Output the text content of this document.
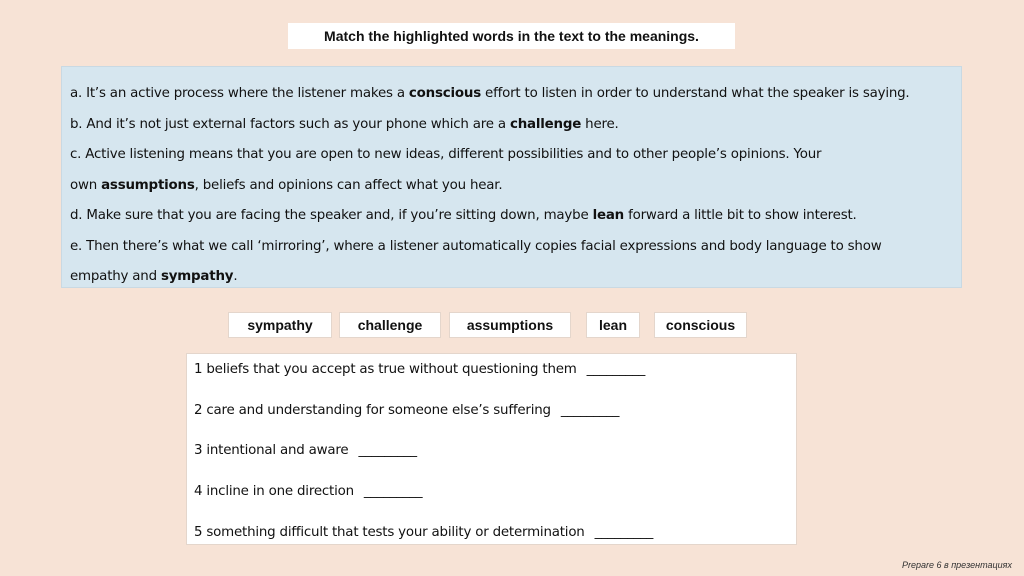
Match the highlighted words in the text to the meanings.

a. It’s an active process where the listener makes a conscious effort to listen in order to understand what the speaker is saying.

b. And it’s not just external factors such as your phone which are a challenge here.

c. Active listening means that you are open to new ideas, different possibilities and to other people’s opinions. Your

own assumptions, beliefs and opinions can affect what you hear.

d. Make sure that you are facing the speaker and, if you’re sitting down, maybe lean forward a little bit to show interest.

e. Then there’s what we call ‘mirroring’, where a listener automatically copies facial expressions and body language to show

empathy and sympathy.

sympathy	challenge	assumptions	lean	conscious
1 beliefs that you accept as true without questioning them _________
2 care and understanding for someone else’s suffering _________
3 intentional and aware _________
4 incline in one direction _________
5 something difficult that tests your ability or determination _________
Prepare 6 в презентациях
